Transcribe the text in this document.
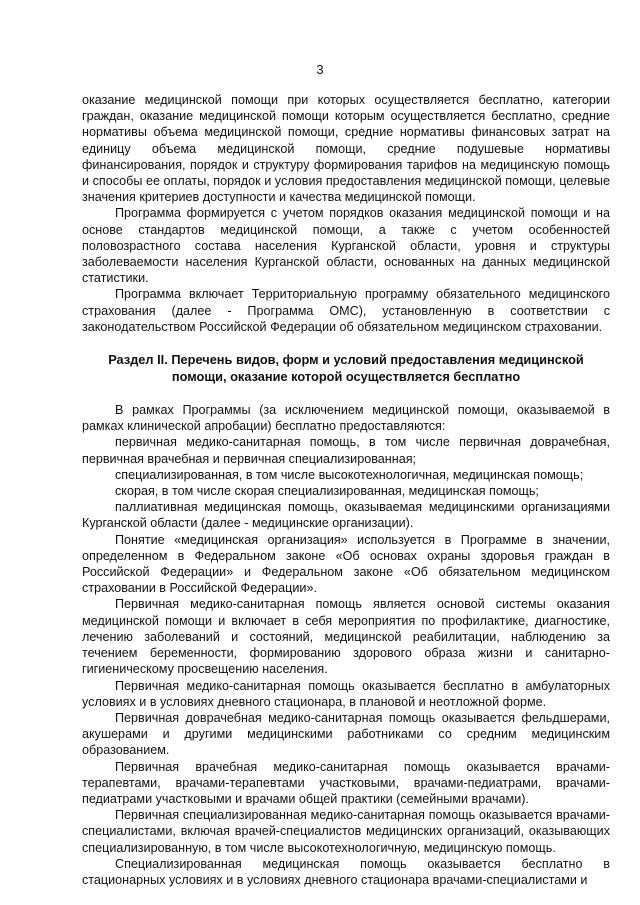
3

оказание медицинской помощи при которых осуществляется бесплатно, категории граждан, оказание медицинской помощи которым осуществляется бесплатно, средние нормативы объема медицинской помощи, средние нормативы финансовых затрат на единицу объема медицинской помощи, средние подушевые нормативы финансирования, порядок и структуру формирования тарифов на медицинскую помощь и способы ее оплаты, порядок и условия предоставления медицинской помощи, целевые значения критериев доступности и качества медицинской помощи.

Программа формируется с учетом порядков оказания медицинской помощи и на основе стандартов медицинской помощи, а также с учетом особенностей половозрастного состава населения Курганской области, уровня и структуры заболеваемости населения Курганской области, основанных на данных медицинской статистики.

Программа включает Территориальную программу обязательного медицинского страхования (далее - Программа ОМС), установленную в соответствии с законодательством Российской Федерации об обязательном медицинском страховании.

Раздел II. Перечень видов, форм и условий предоставления медицинской
помощи, оказание которой осуществляется бесплатно

В рамках Программы (за исключением медицинской помощи, оказываемой в рамках клинической апробации) бесплатно предоставляются:

первичная медико-санитарная помощь, в том числе первичная доврачебная, первичная врачебная и первичная специализированная;

специализированная, в том числе высокотехнологичная, медицинская помощь;

скорая, в том числе скорая специализированная, медицинская помощь;

паллиативная медицинская помощь, оказываемая медицинскими организациями Курганской области (далее - медицинские организации).

Понятие «медицинская организация» используется в Программе в значении, определенном в Федеральном законе «Об основах охраны здоровья граждан в Российской Федерации» и Федеральном законе «Об обязательном медицинском страховании в Российской Федерации».

Первичная медико-санитарная помощь является основой системы оказания медицинской помощи и включает в себя мероприятия по профилактике, диагностике, лечению заболеваний и состояний, медицинской реабилитации, наблюдению за течением беременности, формированию здорового образа жизни и санитарно-гигиеническому просвещению населения.

Первичная медико-санитарная помощь оказывается бесплатно в амбулаторных условиях и в условиях дневного стационара, в плановой и неотложной форме.

Первичная доврачебная медико-санитарная помощь оказывается фельдшерами, акушерами и другими медицинскими работниками со средним медицинским образованием.

Первичная врачебная медико-санитарная помощь оказывается врачами-терапевтами, врачами-терапевтами участковыми, врачами-педиатрами, врачами-педиатрами участковыми и врачами общей практики (семейными врачами).

Первичная специализированная медико-санитарная помощь оказывается врачами-специалистами, включая врачей-специалистов медицинских организаций, оказывающих специализированную, в том числе высокотехнологичную, медицинскую помощь.

Специализированная медицинская помощь оказывается бесплатно в стационарных условиях и в условиях дневного стационара врачами-специалистами и
